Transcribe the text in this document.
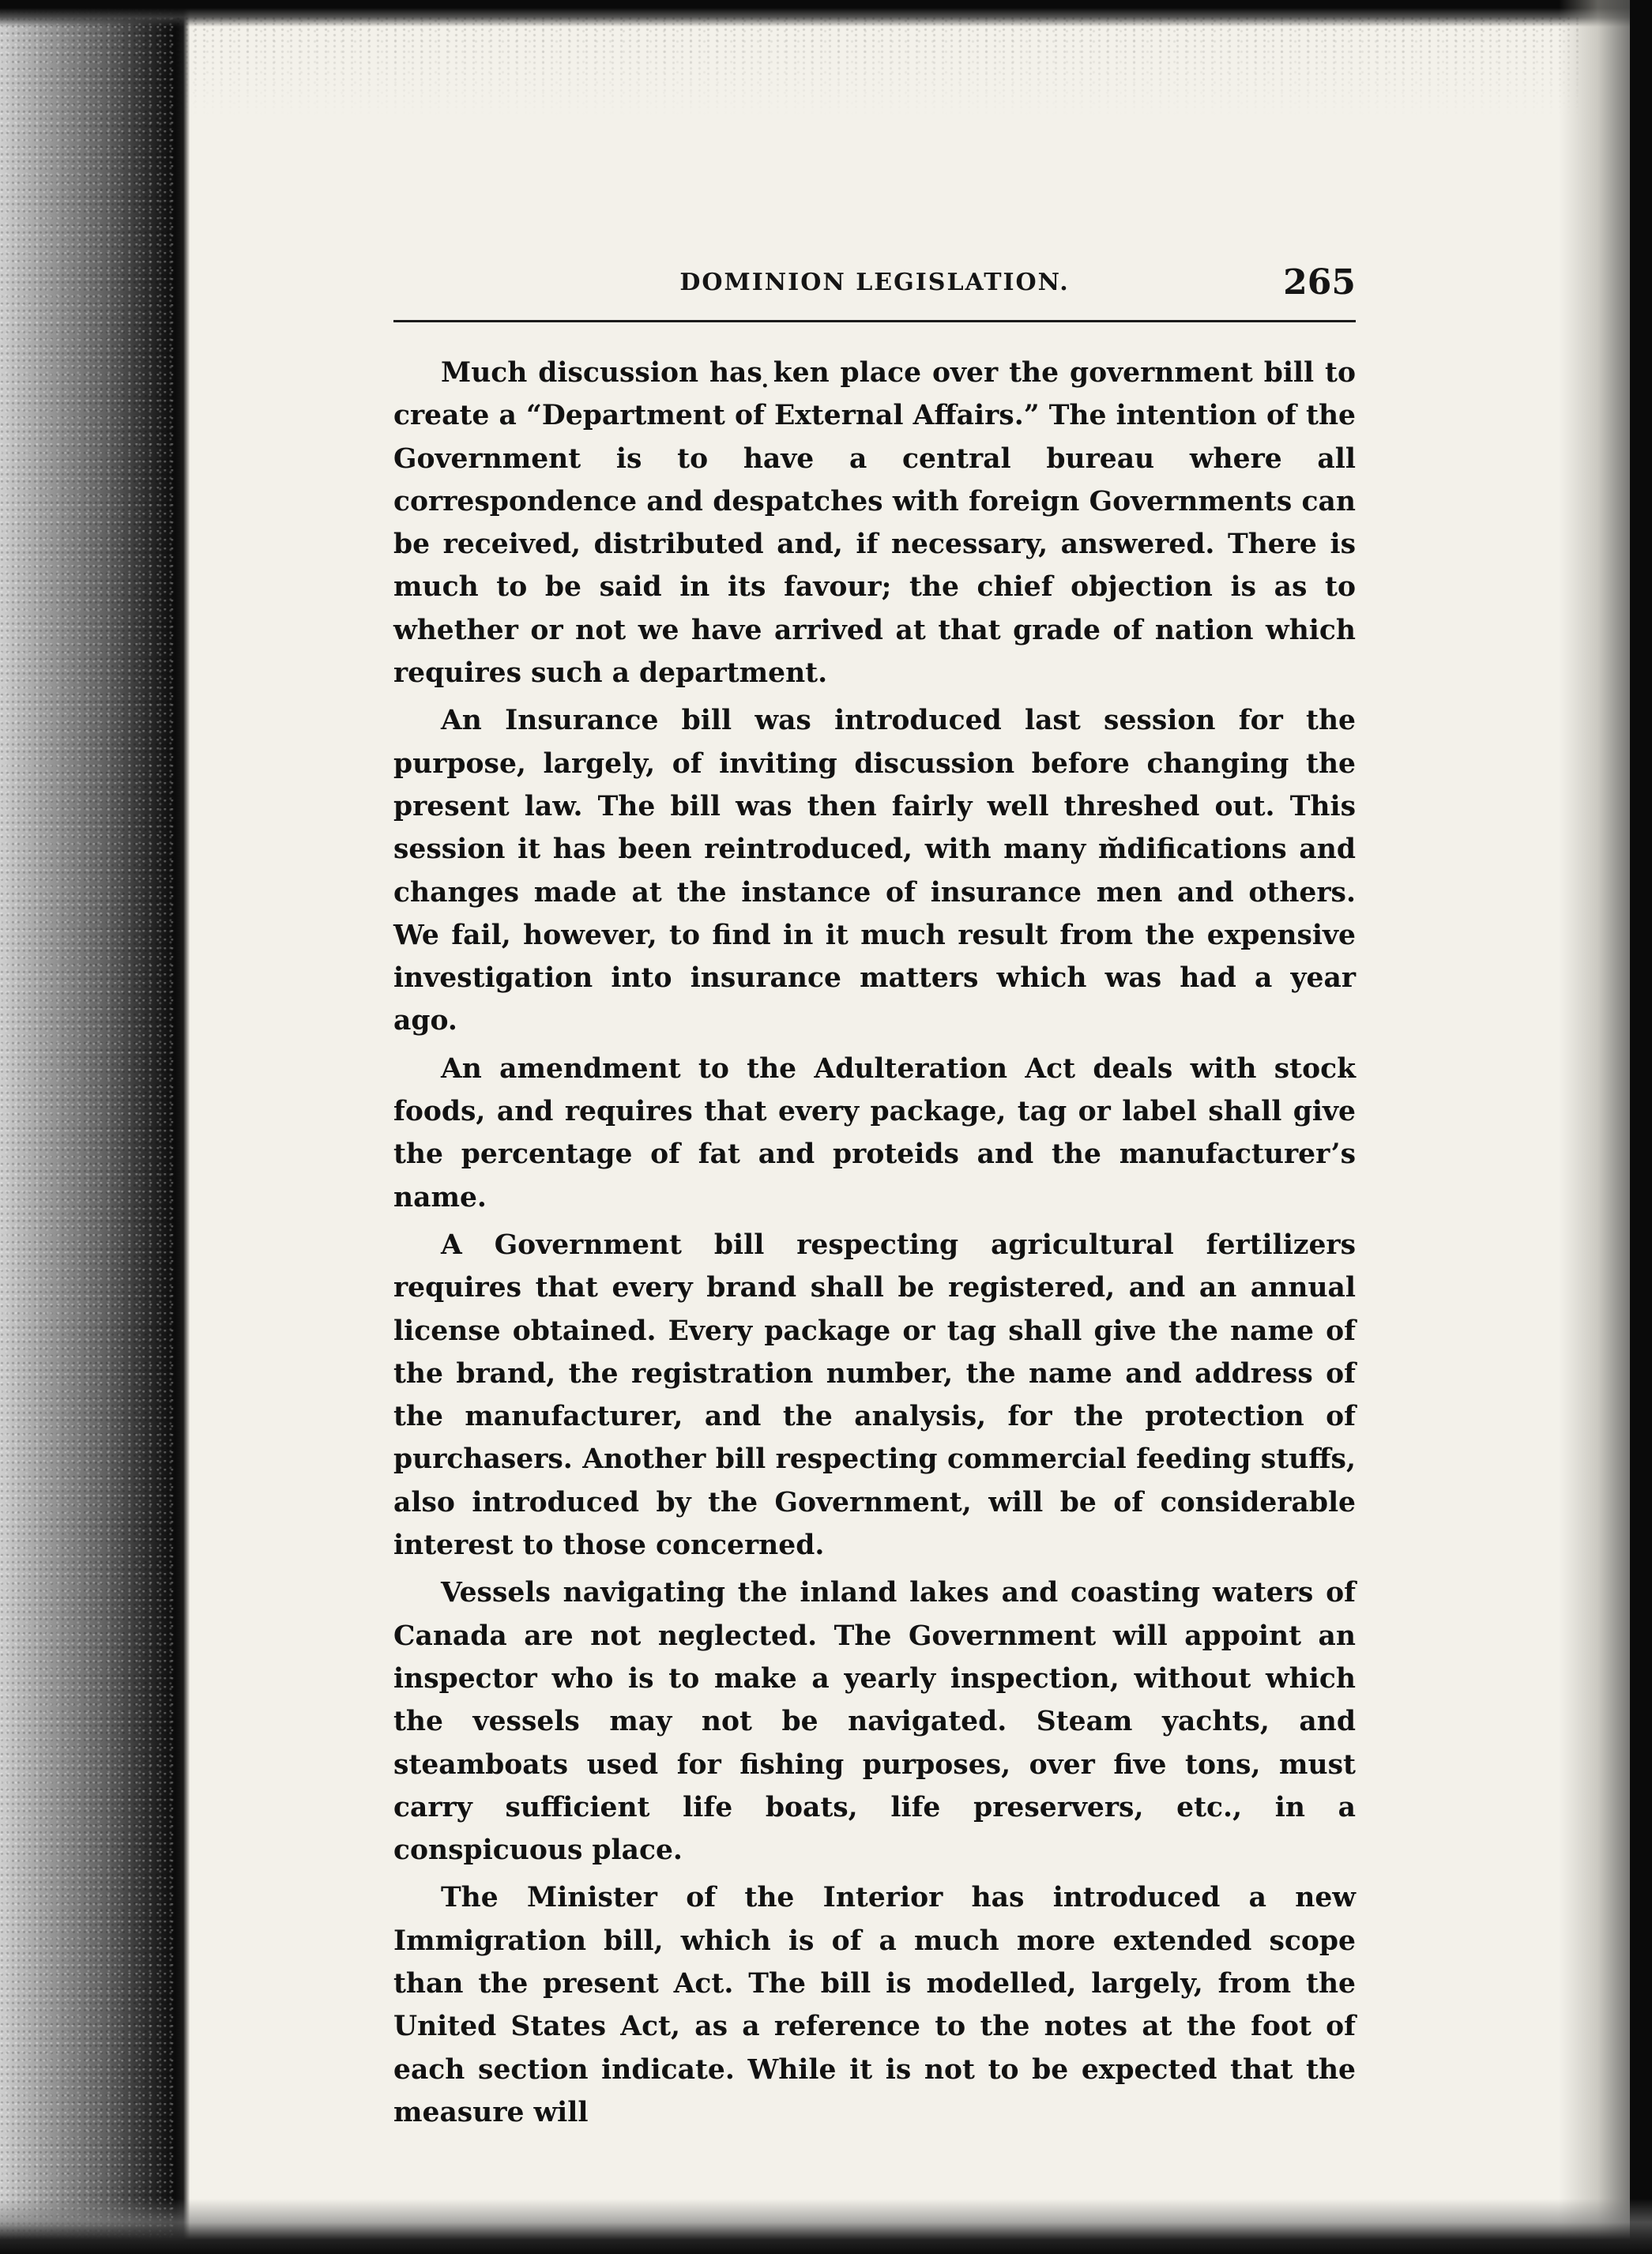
DOMINION LEGISLATION.	265

Much discussion has ̣ken place over the government bill to create a “Department of External Affairs.” The intention of the Government is to have a central bureau where all correspondence and despatches with foreign Governments can be received, distributed and, if necessary, answered. There is much to be said in its favour; the chief objection is as to whether or not we have arrived at that grade of nation which requires such a department.

An Insurance bill was introduced last session for the purpose, largely, of inviting discussion before changing the present law. The bill was then fairly well threshed out. This session it has been reintroduced, with many m̆difications and changes made at the instance of insurance men and others. We fail, however, to find in it much result from the expensive investigation into insurance matters which was had a year ago.

An amendment to the Adulteration Act deals with stock foods, and requires that every package, tag or label shall give the percentage of fat and proteids and the manufacturer’s name.

A Government bill respecting agricultural fertilizers requires that every brand shall be registered, and an annual license obtained. Every package or tag shall give the name of the brand, the registration number, the name and address of the manufacturer, and the analysis, for the protection of purchasers. Another bill respecting commercial feeding stuffs, also introduced by the Government, will be of considerable interest to those concerned.

Vessels navigating the inland lakes and coasting waters of Canada are not neglected. The Government will appoint an inspector who is to make a yearly inspection, without which the vessels may not be navigated. Steam yachts, and steamboats used for fishing purposes, over five tons, must carry sufficient life boats, life preservers, etc., in a conspicuous place.

The Minister of the Interior has introduced a new Immigration bill, which is of a much more extended scope than the present Act. The bill is modelled, largely, from the United States Act, as a reference to the notes at the foot of each section indicate. While it is not to be expected that the measure will
